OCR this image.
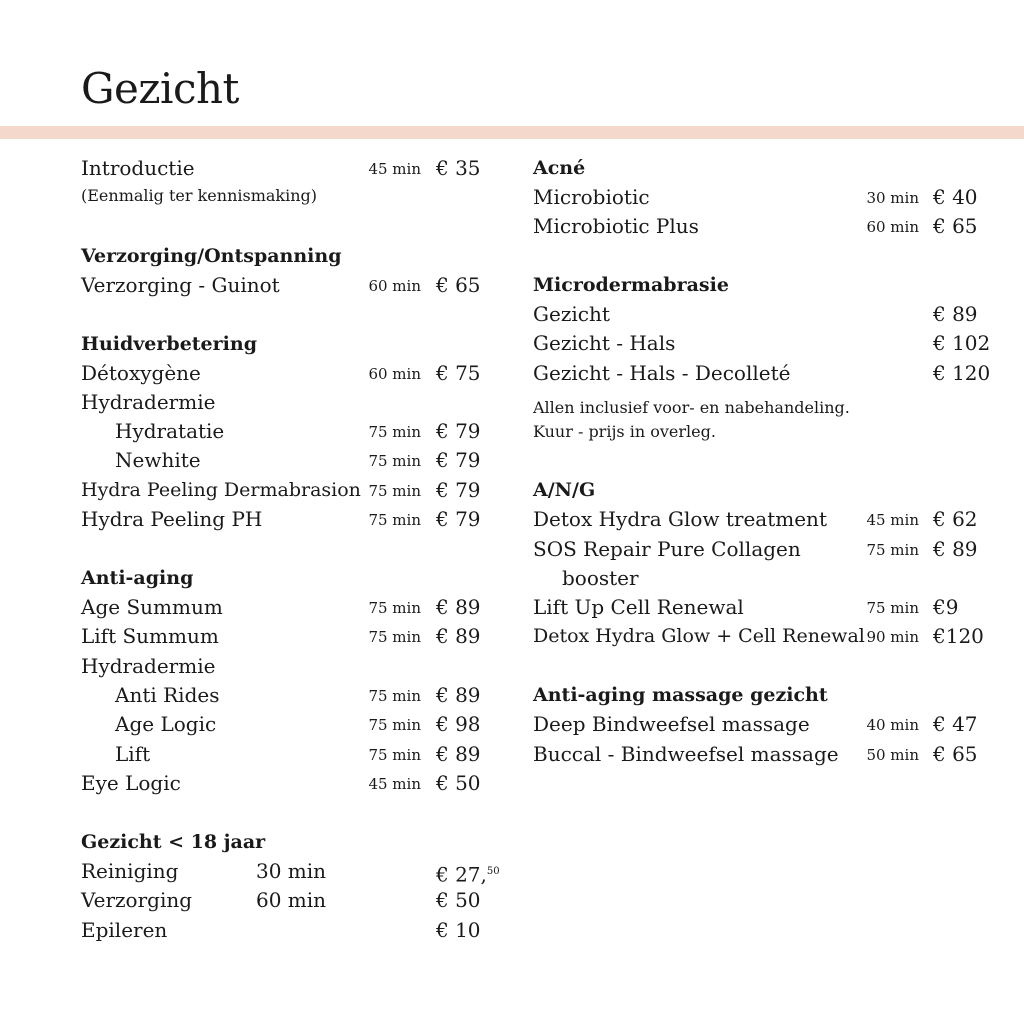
Gezicht
Introductie	45 min € 35
(Eenmalig ter kennismaking)
Verzorging/Ontspanning
Verzorging - Guinot	60 min € 65
Huidverbetering
Détoxygène	60 min € 75
Hydradermie
Hydratatie	75 min € 79
Newhite	75 min € 79
Hydra Peeling Dermabrasion 75 min € 79
Hydra Peeling PH	75 min € 79
Anti-aging
Age Summum	75 min € 89
Lift Summum	75 min € 89
Hydradermie
Anti Rides	75 min € 89
Age Logic	75 min € 98
Lift	75 min € 89
Eye Logic	45 min € 50
Gezicht < 18 jaar
Reiniging	30 min	€ 27,50
Verzorging	60 min	€ 50
Epileren	€ 10
Acné
Microbiotic	30 min € 40
Microbiotic Plus	60 min € 65
Microdermabrasie
Gezicht	€ 89
Gezicht - Hals	€ 102
Gezicht - Hals - Decolleté	€ 120
Allen inclusief voor- en nabehandeling.
Kuur - prijs in overleg.
A/N/G
Detox Hydra Glow treatment	45 min € 62
SOS Repair Pure Collagen	75 min € 89
booster
Lift Up Cell Renewal	75 min €9
Detox Hydra Glow + Cell Renewal 90 min €120
Anti-aging massage gezicht
Deep Bindweefsel massage	40 min € 47
Buccal - Bindweefsel massage 50 min € 65
